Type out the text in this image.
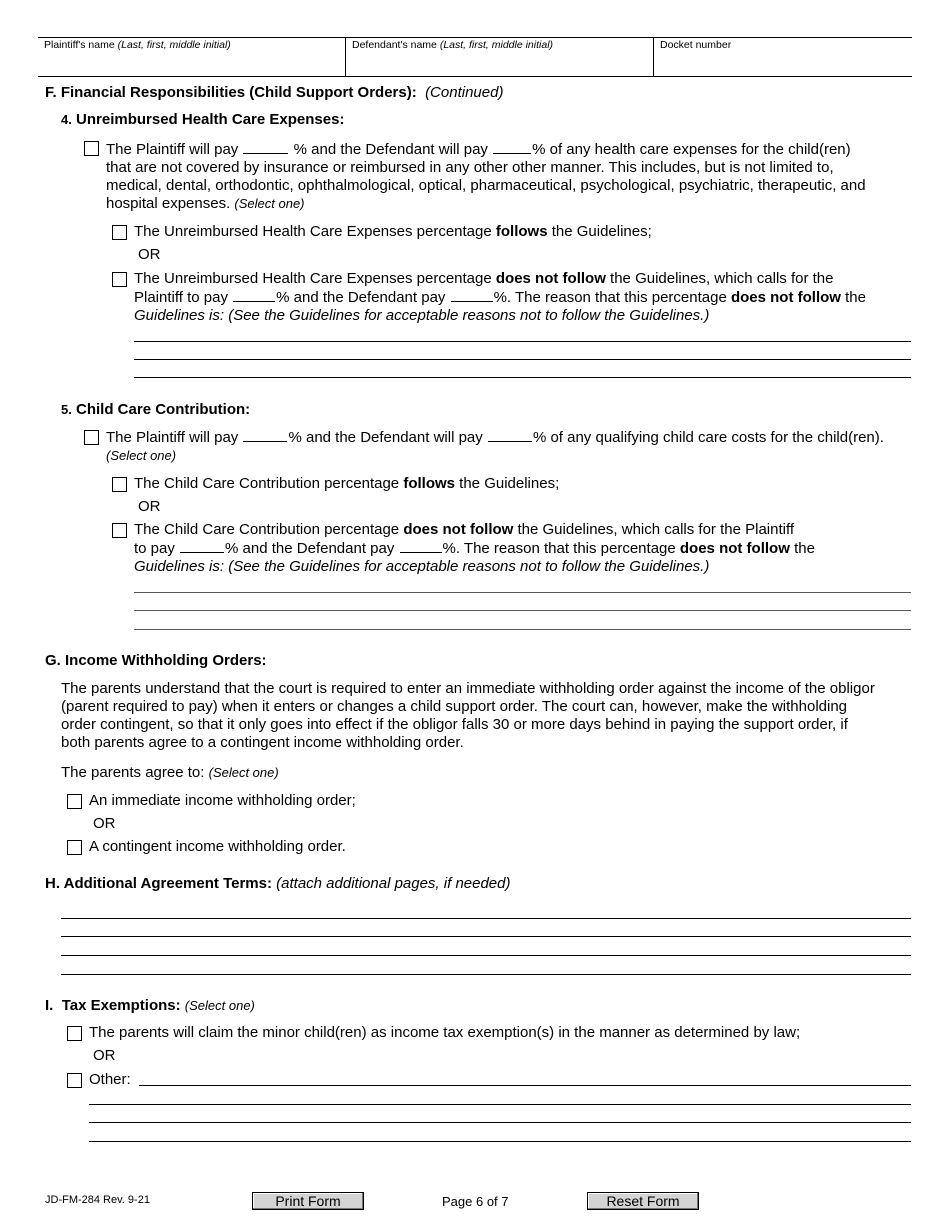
Plaintiff's name (Last, first, middle initial)	Defendant's name (Last, first, middle initial)	Docket number
F. Financial Responsibilities (Child Support Orders): (Continued)
4. Unreimbursed Health Care Expenses:
The Plaintiff will pay	% and the Defendant will pay	% of any health care expenses for the child(ren)
that are not covered by insurance or reimbursed in any other other manner. This includes, but is not limited to,
medical, dental, orthodontic, ophthalmological, optical, pharmaceutical, psychological, psychiatric, therapeutic, and
hospital expenses. (Select one)
The Unreimbursed Health Care Expenses percentage follows the Guidelines;
OR
The Unreimbursed Health Care Expenses percentage does not follow the Guidelines, which calls for the
Plaintiff to pay	% and the Defendant pay	%. The reason that this percentage does not follow the
Guidelines is: (See the Guidelines for acceptable reasons not to follow the Guidelines.)
5. Child Care Contribution:
The Plaintiff will pay	% and the Defendant will pay	% of any qualifying child care costs for the child(ren).
(Select one)
The Child Care Contribution percentage follows the Guidelines;
OR
The Child Care Contribution percentage does not follow the Guidelines, which calls for the Plaintiff
to pay	% and the Defendant pay	%. The reason that this percentage does not follow the
Guidelines is: (See the Guidelines for acceptable reasons not to follow the Guidelines.)
G. Income Withholding Orders:
The parents understand that the court is required to enter an immediate withholding order against the income of the obligor
(parent required to pay) when it enters or changes a child support order. The court can, however, make the withholding
order contingent, so that it only goes into effect if the obligor falls 30 or more days behind in paying the support order, if
both parents agree to a contingent income withholding order.
The parents agree to: (Select one)
An immediate income withholding order;
OR
A contingent income withholding order.
H. Additional Agreement Terms: (attach additional pages, if needed)
I. Tax Exemptions: (Select one)
The parents will claim the minor child(ren) as income tax exemption(s) in the manner as determined by law;
OR
Other:
JD-FM-284 Rev. 9-21	Print Form	Page 6 of 7	Reset Form
